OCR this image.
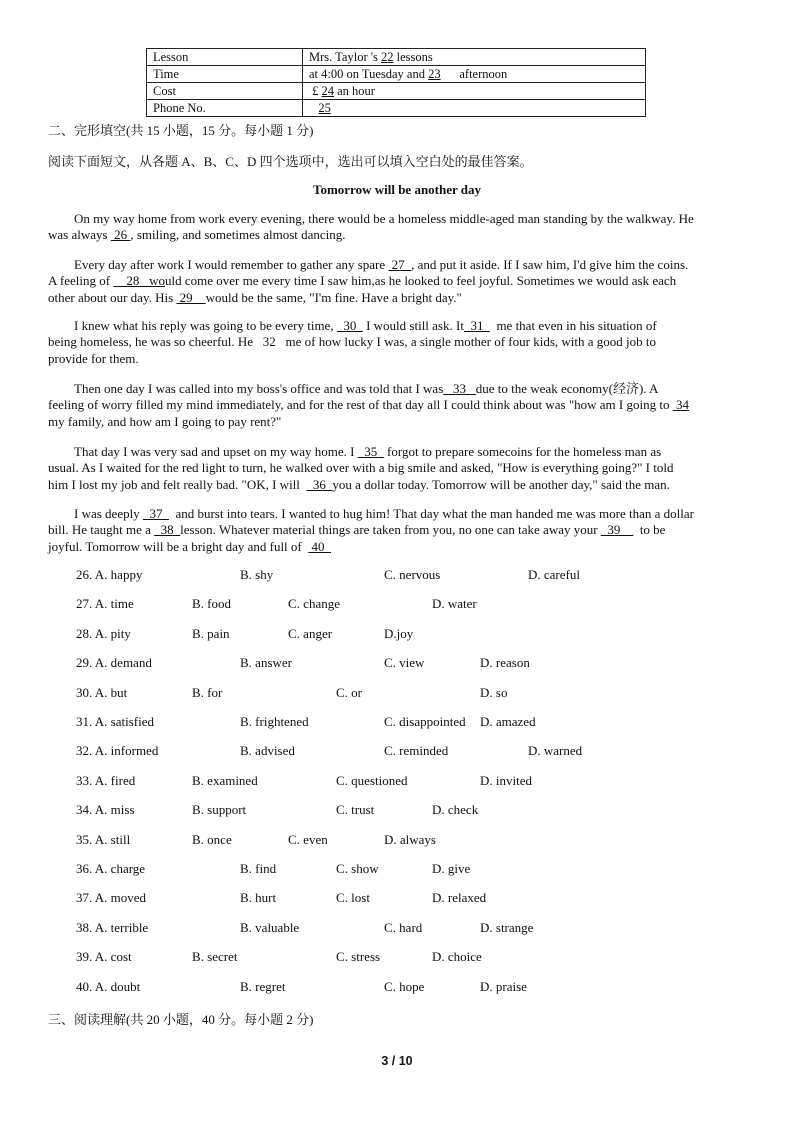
Lesson	Mrs. Taylor 's 22 lessons
Time	at 4:00 on Tuesday and 23      afternoon
Cost	£ 24 an hour
Phone No.	25
二、完形填空(共 15 小题，15 分。每小题 1 分)
阅读下面短文，从各题 A、B、C、D 四个选项中，选出可以填入空白处的最佳答案。
Tomorrow will be another day
On my way home from work every evening, there would be a homeless middle-aged man standing by the walkway. He
was always  26 , smiling, and sometimes almost dancing.
Every day after work I would remember to gather any spare  27  , and put it aside. If I saw him, I'd give him the coins.
A feeling of     28   would come over me every time I saw him,as he looked to feel joyful. Sometimes we would ask each
other about our day. His  29    would be the same, "I'm fine. Have a bright day."
I knew what his reply was going to be every time,   30   I would still ask. It  31    me that even in his situation of
being homeless, he was so cheerful. He   32   me of how lucky I was, a single mother of four kids, with a good job to
provide for them.
Then one day I was called into my boss's office and was told that I was   33   due to the weak economy(经济). A
feeling of worry filled my mind immediately, and for the rest of that day all I could think about was "how am I going to  34
my family, and how am I going to pay rent?"
That day I was very sad and upset on my way home. I   35   forgot to prepare somecoins for the homeless man as
usual. As I waited for the red light to turn, he walked over with a big smile and asked, "How is everything going?" I told
him I lost my job and felt really bad. "OK, I will    36  you a dollar today. Tomorrow will be another day," said the man.
I was deeply   37    and burst into tears. I wanted to hug him! That day what the man handed me was more than a dollar
bill. He taught me a   38  lesson. Whatever material things are taken from you, no one can take away your   39      to be
joyful. Tomorrow will be a bright day and full of   40
26. A. happy	B. shy	C. nervous	D. careful
27. A. time	B. food	C. change	D. water
28. A. pity	B. pain	C. anger	D.joy
29. A. demand	B. answer	C. view	D. reason
30. A. but	B. for	C. or	D. so
31. A. satisfied	B. frightened	C. disappointed D. amazed
32. A. informed	B. advised	C. reminded	D. warned
33. A. fired	B. examined	C. questioned	D. invited
34. A. miss	B. support	C. trust	D. check
35. A. still	B. once	C. even	D. always
36. A. charge	B. find	C. show	D. give
37. A. moved	B. hurt	C. lost	D. relaxed
38. A. terrible	B. valuable	C. hard	D. strange
39. A. cost	B. secret	C. stress	D. choice
40. A. doubt	B. regret	C. hope	D. praise
三、阅读理解(共 20 小题，40 分。每小题 2 分)
3 / 10
